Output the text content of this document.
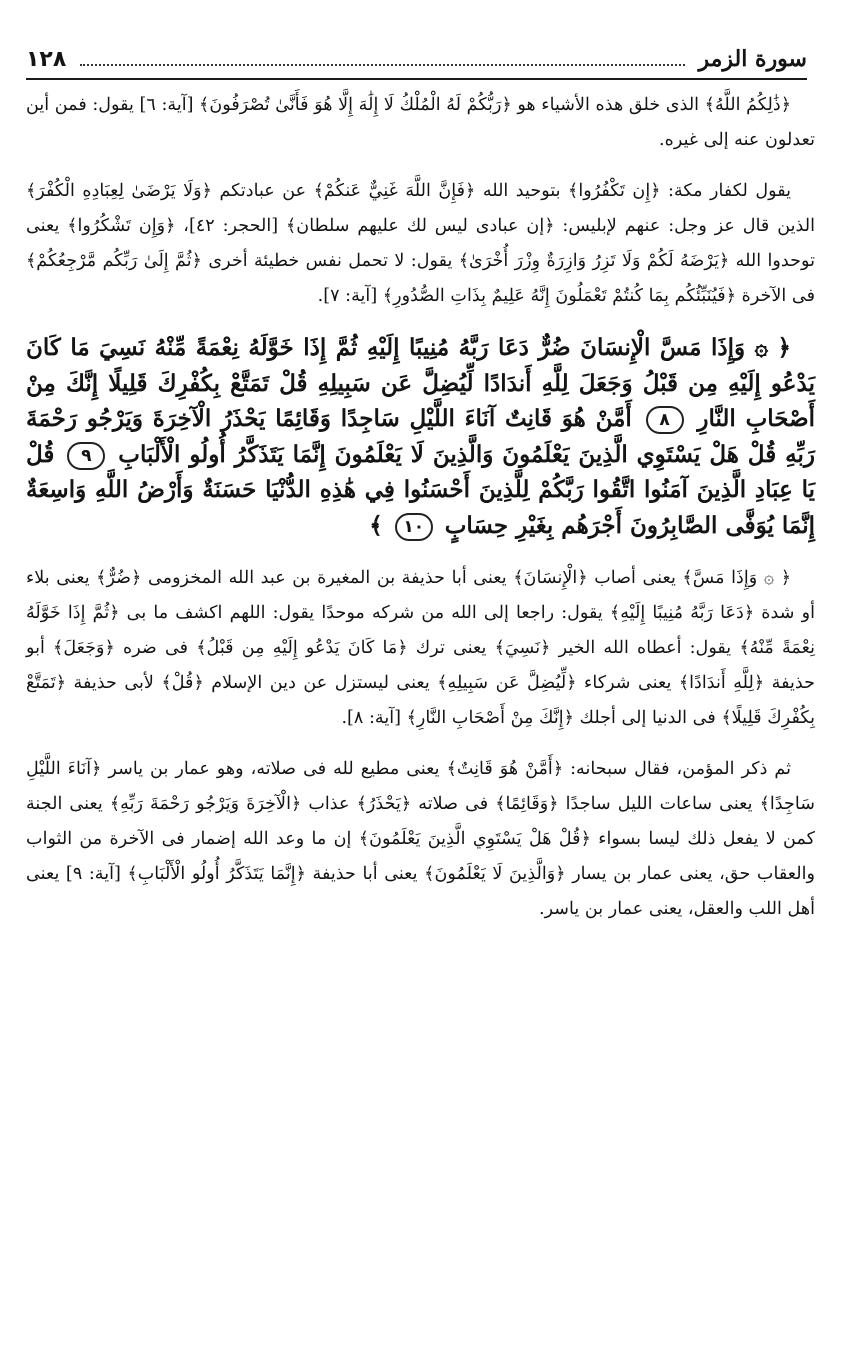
سورة الزمر
١٢٨

﴿ذَٰلِكُمُ اللَّهُ﴾ الذى خلق هذه الأشياء هو ﴿رَبُّكُمْ لَهُ الْمُلْكُ لَا إِلَٰهَ إِلَّا هُوَ فَأَنَّىٰ تُصْرَفُونَ﴾ [آية: ٦] يقول: فمن أين تعدلون عنه إلى غيره.

يقول لكفار مكة: ﴿إِن تَكْفُرُوا﴾ بتوحيد الله ﴿فَإِنَّ اللَّهَ غَنِيٌّ عَنكُمْ﴾ عن عبادتكم ﴿وَلَا يَرْضَىٰ لِعِبَادِهِ الْكُفْرَ﴾ الذين قال عز وجل: عنهم لإبليس: ﴿إن عبادى ليس لك عليهم سلطان﴾ [الحجر: ٤٢]، ﴿وَإِن تَشْكُرُوا﴾ يعنى توحدوا الله ﴿يَرْضَهُ لَكُمْ وَلَا تَزِرُ وَازِرَةٌ وِزْرَ أُخْرَىٰ﴾ يقول: لا تحمل نفس خطيئة أخرى ﴿ثُمَّ إِلَىٰ رَبِّكُم مَّرْجِعُكُمْ﴾ فى الآخرة ﴿فَيُنَبِّئُكُم بِمَا كُنتُمْ تَعْمَلُونَ إِنَّهُ عَلِيمٌ بِذَاتِ الصُّدُورِ﴾ [آية: ٧].

﴿ ۞ وَإِذَا مَسَّ الْإِنسَانَ ضُرٌّ دَعَا رَبَّهُ مُنِيبًا إِلَيْهِ ثُمَّ إِذَا خَوَّلَهُ نِعْمَةً مِّنْهُ نَسِيَ مَا كَانَ يَدْعُو إِلَيْهِ مِن قَبْلُ وَجَعَلَ لِلَّهِ أَندَادًا لِّيُضِلَّ عَن سَبِيلِهِ قُلْ تَمَتَّعْ بِكُفْرِكَ قَلِيلًا إِنَّكَ مِنْ أَصْحَابِ النَّارِ ٨ أَمَّنْ هُوَ قَانِتٌ آنَاءَ اللَّيْلِ سَاجِدًا وَقَائِمًا يَحْذَرُ الْآخِرَةَ وَيَرْجُو رَحْمَةَ رَبِّهِ قُلْ هَلْ يَسْتَوِي الَّذِينَ يَعْلَمُونَ وَالَّذِينَ لَا يَعْلَمُونَ إِنَّمَا يَتَذَكَّرُ أُولُو الْأَلْبَابِ ٩ قُلْ يَا عِبَادِ الَّذِينَ آمَنُوا اتَّقُوا رَبَّكُمْ لِلَّذِينَ أَحْسَنُوا فِي هَٰذِهِ الدُّنْيَا حَسَنَةٌ وَأَرْضُ اللَّهِ وَاسِعَةٌ إِنَّمَا يُوَفَّى الصَّابِرُونَ أَجْرَهُم بِغَيْرِ حِسَابٍ ١٠ ﴾

﴿ ۞ وَإِذَا مَسَّ﴾ يعنى أصاب ﴿الْإِنسَانَ﴾ يعنى أبا حذيفة بن المغيرة بن عبد الله المخزومى ﴿ضُرٌّ﴾ يعنى بلاء أو شدة ﴿دَعَا رَبَّهُ مُنِيبًا إِلَيْهِ﴾ يقول: راجعا إلى الله من شركه موحدًا يقول: اللهم اكشف ما بى ﴿ثُمَّ إِذَا خَوَّلَهُ نِعْمَةً مِّنْهُ﴾ يقول: أعطاه الله الخير ﴿نَسِيَ﴾ يعنى ترك ﴿مَا كَانَ يَدْعُو إِلَيْهِ مِن قَبْلُ﴾ فى ضره ﴿وَجَعَلَ﴾ أبو حذيفة ﴿لِلَّهِ أَندَادًا﴾ يعنى شركاء ﴿لِّيُضِلَّ عَن سَبِيلِهِ﴾ يعنى ليستزل عن دين الإسلام ﴿قُلْ﴾ لأبى حذيفة ﴿تَمَتَّعْ بِكُفْرِكَ قَلِيلًا﴾ فى الدنيا إلى أجلك ﴿إِنَّكَ مِنْ أَصْحَابِ النَّارِ﴾ [آية: ٨].

ثم ذكر المؤمن، فقال سبحانه: ﴿أَمَّنْ هُوَ قَانِتٌ﴾ يعنى مطيع لله فى صلاته، وهو عمار بن ياسر ﴿آنَاءَ اللَّيْلِ سَاجِدًا﴾ يعنى ساعات الليل ساجدًا ﴿وَقَائِمًا﴾ فى صلاته ﴿يَحْذَرُ﴾ عذاب ﴿الْآخِرَةَ وَيَرْجُو رَحْمَةَ رَبِّهِ﴾ يعنى الجنة كمن لا يفعل ذلك ليسا بسواء ﴿قُلْ هَلْ يَسْتَوِي الَّذِينَ يَعْلَمُونَ﴾ إن ما وعد الله إضمار فى الآخرة من الثواب والعقاب حق، يعنى عمار بن يسار ﴿وَالَّذِينَ لَا يَعْلَمُونَ﴾ يعنى أبا حذيفة ﴿إِنَّمَا يَتَذَكَّرُ أُولُو الْأَلْبَابِ﴾ [آية: ٩] يعنى أهل اللب والعقل، يعنى عمار بن ياسر.
